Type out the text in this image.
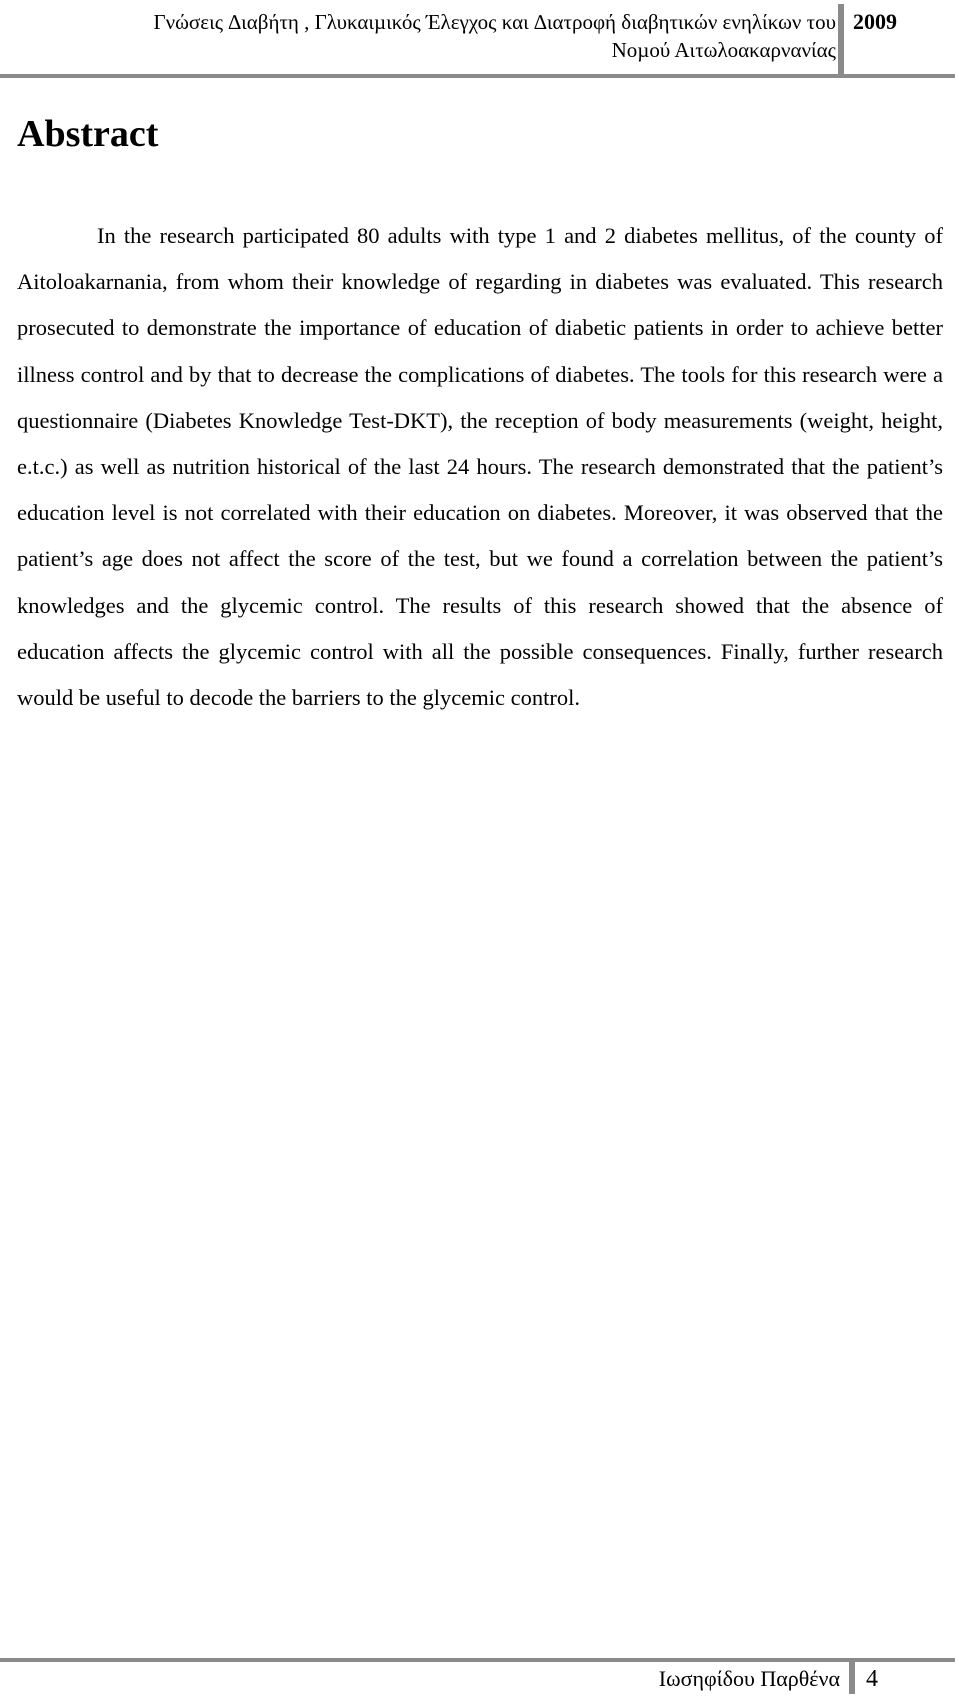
Γνώσεις ∆ιαβήτη , Γλυκαιµικός Έλεγχος και ∆ιατροφή διαβητικών ενηλίκων του
Νοµού Αιτωλοακαρνανίας
2009
Abstract

In the research participated 80 adults with type 1 and 2 diabetes mellitus, of the county of Aitoloakarnania, from whom their knowledge of regarding in diabetes was evaluated. This research prosecuted to demonstrate the importance of education of diabetic patients in order to achieve better illness control and by that to decrease the complications of diabetes. The tools for this research were a questionnaire (Diabetes Knowledge Test-DKT), the reception of body measurements (weight, height, e.t.c.) as well as nutrition historical of the last 24 hours. The research demonstrated that the patient’s education level is not correlated with their education on diabetes. Moreover, it was observed that the patient’s age does not affect the score of the test, but we found a correlation between the patient’s knowledges and the glycemic control. The results of this research showed that the absence of education affects the glycemic control with all the possible consequences. Finally, further research would be useful to decode the barriers to the glycemic control.

Ιωσηφίδου Παρθένα 4
